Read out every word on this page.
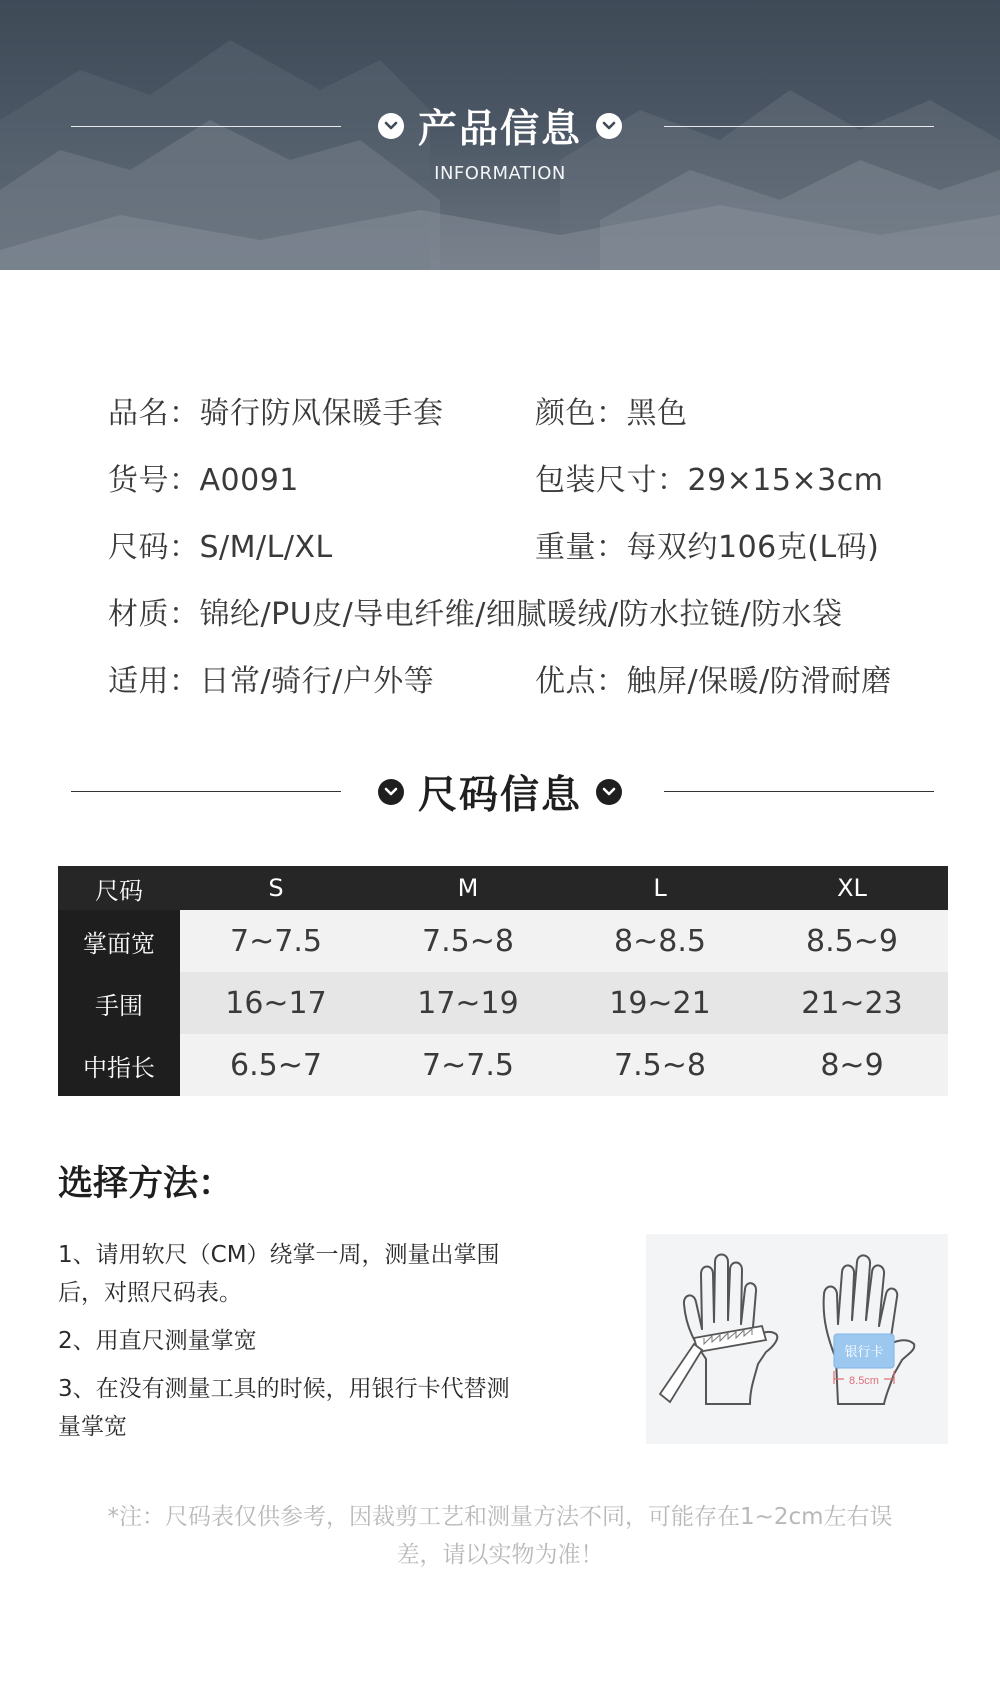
产品信息
INFORMATION
品名：骑行防风保暖手套	颜色：黑色
货号：A0091	包装尺寸：29×15×3cm
尺码：S/M/L/XL	重量：每双约106克(L码)
材质：锦纶/PU皮/导电纤维/细腻暖绒/防水拉链/防水袋
适用：日常/骑行/户外等	优点：触屏/保暖/防滑耐磨
尺码信息
尺码	S	M	L	XL
掌面宽	7~7.5	7.5~8	8~8.5	8.5~9
手围	16~17	17~19	19~21	21~23
中指长	6.5~7	7~7.5	7.5~8	8~9
选择方法：
1、请用软尺（CM）绕掌一周，测量出掌围后，对照尺码表。
2、用直尺测量掌宽
3、在没有测量工具的时候，用银行卡代替测量掌宽
银行卡
8.5cm
*注：尺码表仅供参考，因裁剪工艺和测量方法不同，可能存在1~2cm左右误差，请以实物为准！
